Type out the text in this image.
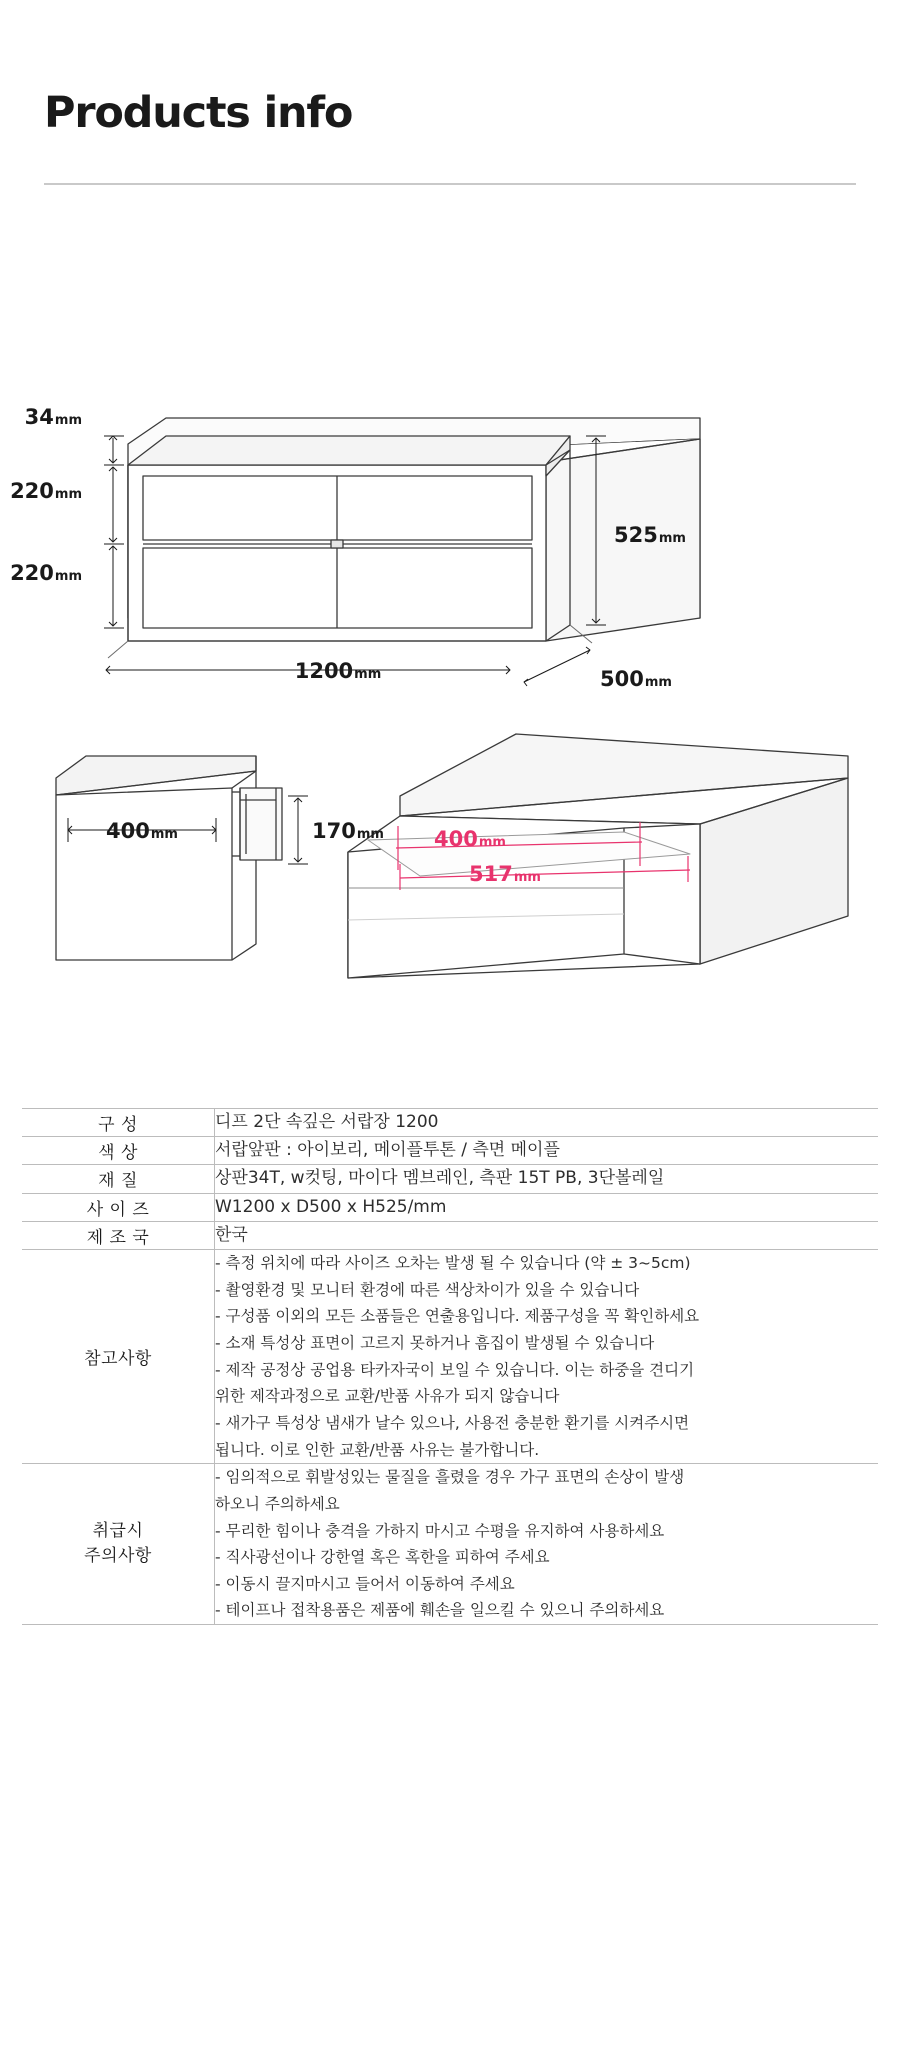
Products info
34mm
220mm
220mm
525mm
1200mm	500mm
400mm	170mm 400mm
517mm
구 성	디프 2단 속깊은 서랍장 1200
색 상	서랍앞판 : 아이보리, 메이플투톤 / 측면 메이플
재 질	상판34T, w컷팅, 마이다 멤브레인, 측판 15T PB, 3단볼레일
사 이 즈	W1200 x D500 x H525/mm
제 조 국	한국
참고사항	
- 측정 위치에 따라 사이즈 오차는 발생 될 수 있습니다 (약 ± 3~5cm)
- 촬영환경 및 모니터 환경에 따른 색상차이가 있을 수 있습니다
- 구성품 이외의 모든 소품들은 연출용입니다. 제품구성을 꼭 확인하세요
- 소재 특성상 표면이 고르지 못하거나 흠집이 발생될 수 있습니다
- 제작 공정상 공업용 타카자국이 보일 수 있습니다. 이는 하중을 견디기
위한 제작과정으로 교환/반품 사유가 되지 않습니다
- 새가구 특성상 냄새가 날수 있으나, 사용전 충분한 환기를 시켜주시면
됩니다. 이로 인한 교환/반품 사유는 불가합니다.

취급시
주의사항

- 임의적으로 휘발성있는 물질을 흘렸을 경우 가구 표면의 손상이 발생
하오니 주의하세요
- 무리한 힘이나 충격을 가하지 마시고 수평을 유지하여 사용하세요
- 직사광선이나 강한열 혹은 혹한을 피하여 주세요
- 이동시 끌지마시고 들어서 이동하여 주세요
- 테이프나 접착용품은 제품에 훼손을 일으킬 수 있으니 주의하세요
